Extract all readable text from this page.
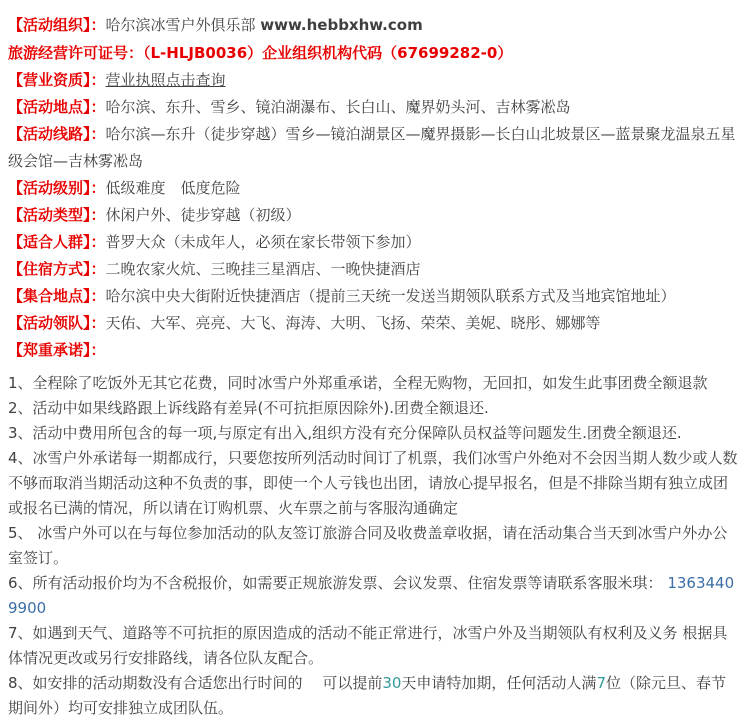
【活动组织】：哈尔滨冰雪户外俱乐部 www.hebbxhw.com

旅游经营许可证号：（L-HLJB0036）企业组织机构代码（67699282-0）

【营业资质】：营业执照点击查询

【活动地点】：哈尔滨、东升、雪乡、镜泊湖瀑布、长白山、魔界奶头河、吉林雾凇岛

【活动线路】：哈尔滨—东升（徒步穿越）雪乡—镜泊湖景区—魔界摄影—长白山北坡景区—蓝景聚龙温泉五星级会馆—吉林雾凇岛

【活动级别】：低级难度　低度危险

【活动类型】：休闲户外、徒步穿越（初级）

【适合人群】：普罗大众（未成年人，必须在家长带领下参加）

【住宿方式】：二晚农家火炕、三晚挂三星酒店、一晚快捷酒店

【集合地点】：哈尔滨中央大街附近快捷酒店（提前三天统一发送当期领队联系方式及当地宾馆地址）

【活动领队】：天佑、大军、亮亮、大飞、海涛、大明、飞扬、荣荣、美妮、晓彤、娜娜等

【郑重承诺】：

1、全程除了吃饭外无其它花费，同时冰雪户外郑重承诺，全程无购物，无回扣，如发生此事团费全额退款

2、活动中如果线路跟上诉线路有差异(不可抗拒原因除外).团费全额退还.

3、活动中费用所包含的每一项,与原定有出入,组织方没有充分保障队员权益等问题发生.团费全额退还.

4、冰雪户外承诺每一期都成行，只要您按所列活动时间订了机票，我们冰雪户外绝对不会因当期人数少或人数不够而取消当期活动这种不负责的事，即使一个人亏钱也出团，请放心提早报名，但是不排除当期有独立成团或报名已满的情况，所以请在订购机票、火车票之前与客服沟通确定

5、 冰雪户外可以在与每位参加活动的队友签订旅游合同及收费盖章收据，请在活动集合当天到冰雪户外办公室签订。

6、所有活动报价均为不含税报价，如需要正规旅游发票、会议发票、住宿发票等请联系客服米琪： 13634409900

7、如遇到天气、道路等不可抗拒的原因造成的活动不能正常进行，冰雪户外及当期领队有权利及义务 根据具体情况更改或另行安排路线，请各位队友配合。

8、如安排的活动期数没有合适您出行时间的　 可以提前30天申请特加期，任何活动人满7位（除元旦、春节期间外）均可安排独立成团队伍。
